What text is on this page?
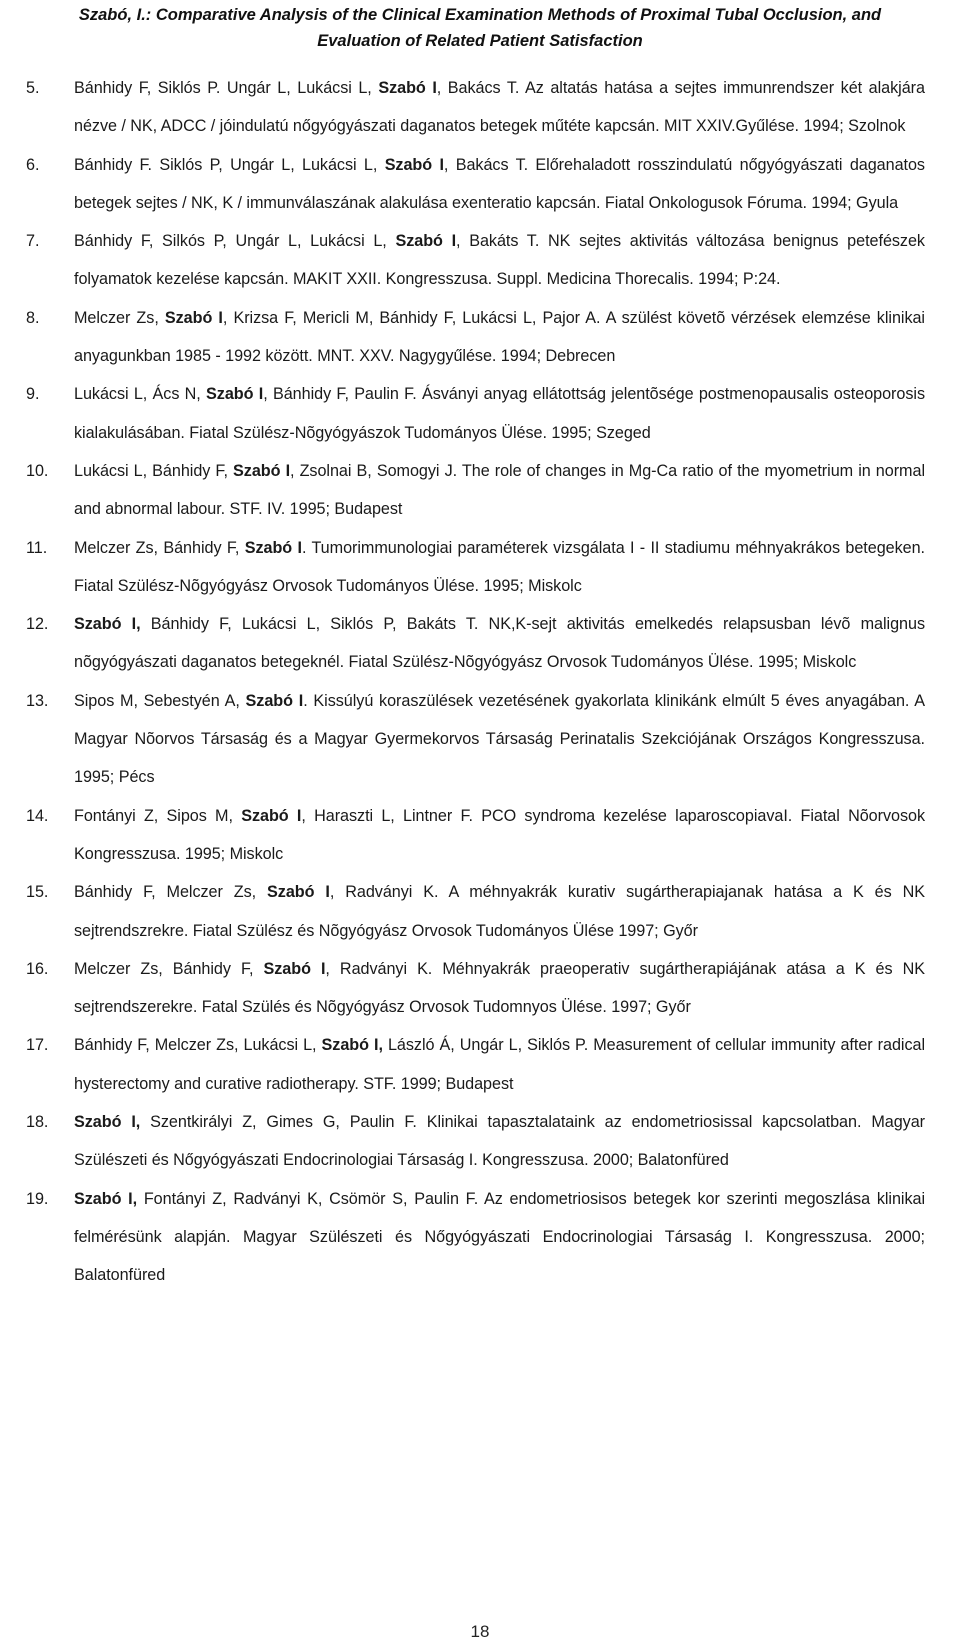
Szabó, I.: Comparative Analysis of the Clinical Examination Methods of Proximal Tubal Occlusion, and
Evaluation of Related Patient Satisfaction
5. Bánhidy F, Siklós P. Ungár L, Lukácsi L, Szabó I, Bakács T. Az altatás hatása a sejtes immunrendszer két alakjára nézve / NK, ADCC / jóindulatú nőgyógyászati daganatos betegek műtéte kapcsán. MIT XXIV.Gyűlése. 1994; Szolnok
6. Bánhidy F. Siklós P, Ungár L, Lukácsi L, Szabó I, Bakács T. Előrehaladott rosszindulatú nőgyógyászati daganatos betegek sejtes / NK, K / immunválaszának alakulása exenteratio kapcsán. Fiatal Onkologusok Fóruma. 1994; Gyula
7. Bánhidy F, Silkós P, Ungár L, Lukácsi L, Szabó I, Bakáts T. NK sejtes aktivitás változása benignus petefészek folyamatok kezelése kapcsán. MAKIT XXII. Kongresszusa. Suppl. Medicina Thorecalis. 1994; P:24.
8. Melczer Zs, Szabó I, Krizsa F, Mericli M, Bánhidy F, Lukácsi L, Pajor A. A szülést követõ vérzések elemzése klinikai anyagunkban 1985 - 1992 között. MNT. XXV. Nagygyűlése. 1994; Debrecen
9. Lukácsi L, Ács N, Szabó I, Bánhidy F, Paulin F. Ásványi anyag ellátottság jelentõsége postmenopausalis osteoporosis kialakulásában. Fiatal Szülész-Nõgyógyászok Tudományos Ülése. 1995; Szeged
10. Lukácsi L, Bánhidy F, Szabó I, Zsolnai B, Somogyi J. The role of changes in Mg-Ca ratio of the myometrium in normal and abnormal labour. STF. IV. 1995; Budapest
11. Melczer Zs, Bánhidy F, Szabó I. Tumorimmunologiai paraméterek vizsgálata I - II stadiumu méhnyakrákos betegeken. Fiatal Szülész-Nõgyógyász Orvosok Tudományos Ülése. 1995; Miskolc
12. Szabó I, Bánhidy F, Lukácsi L, Siklós P, Bakáts T. NK,K-sejt aktivitás emelkedés relapsusban lévõ malignus nõgyógyászati daganatos betegeknél. Fiatal Szülész-Nõgyógyász Orvosok Tudományos Ülése. 1995; Miskolc
13. Sipos M, Sebestyén A, Szabó I. Kissúlyú koraszülések vezetésének gyakorlata klinikánk elmúlt 5 éves anyagában. A Magyar Nõorvos Társaság és a Magyar Gyermekorvos Társaság Perinatalis Szekciójának Országos Kongresszusa. 1995; Pécs
14. Fontányi Z, Sipos M, Szabó I, Haraszti L, Lintner F. PCO syndroma kezelése laparoscopiavaI. Fiatal Nõorvosok Kongresszusa. 1995; Miskolc
15. Bánhidy F, Melczer Zs, Szabó I, Radványi K. A méhnyakrák kurativ sugártherapiajanak hatása a K és NK sejtrendszrekre. Fiatal Szülész és Nõgyógyász Orvosok Tudományos Ülése 1997; Győr
16. Melczer Zs, Bánhidy F, Szabó I, Radványi K. Méhnyakrák praeoperativ sugártherapiájának atása a K és NK sejtrendszerekre. Fatal Szülés és Nõgyógyász Orvosok Tudomnyos Ülése. 1997; Győr
17. Bánhidy F, Melczer Zs, Lukácsi L, Szabó I, László Á, Ungár L, Siklós P. Measurement of cellular immunity after radical hysterectomy and curative radiotherapy. STF. 1999; Budapest
18. Szabó I, Szentkirályi Z, Gimes G, Paulin F. Klinikai tapasztalataink az endometriosissal kapcsolatban. Magyar Szülészeti és Nőgyógyászati Endocrinologiai Társaság I. Kongresszusa. 2000; Balatonfüred
19. Szabó I, Fontányi Z, Radványi K, Csömör S, Paulin F. Az endometriosisos betegek kor szerinti megoszlása klinikai felmérésünk alapján. Magyar Szülészeti és Nőgyógyászati Endocrinologiai Társaság I. Kongresszusa. 2000; Balatonfüred
18
